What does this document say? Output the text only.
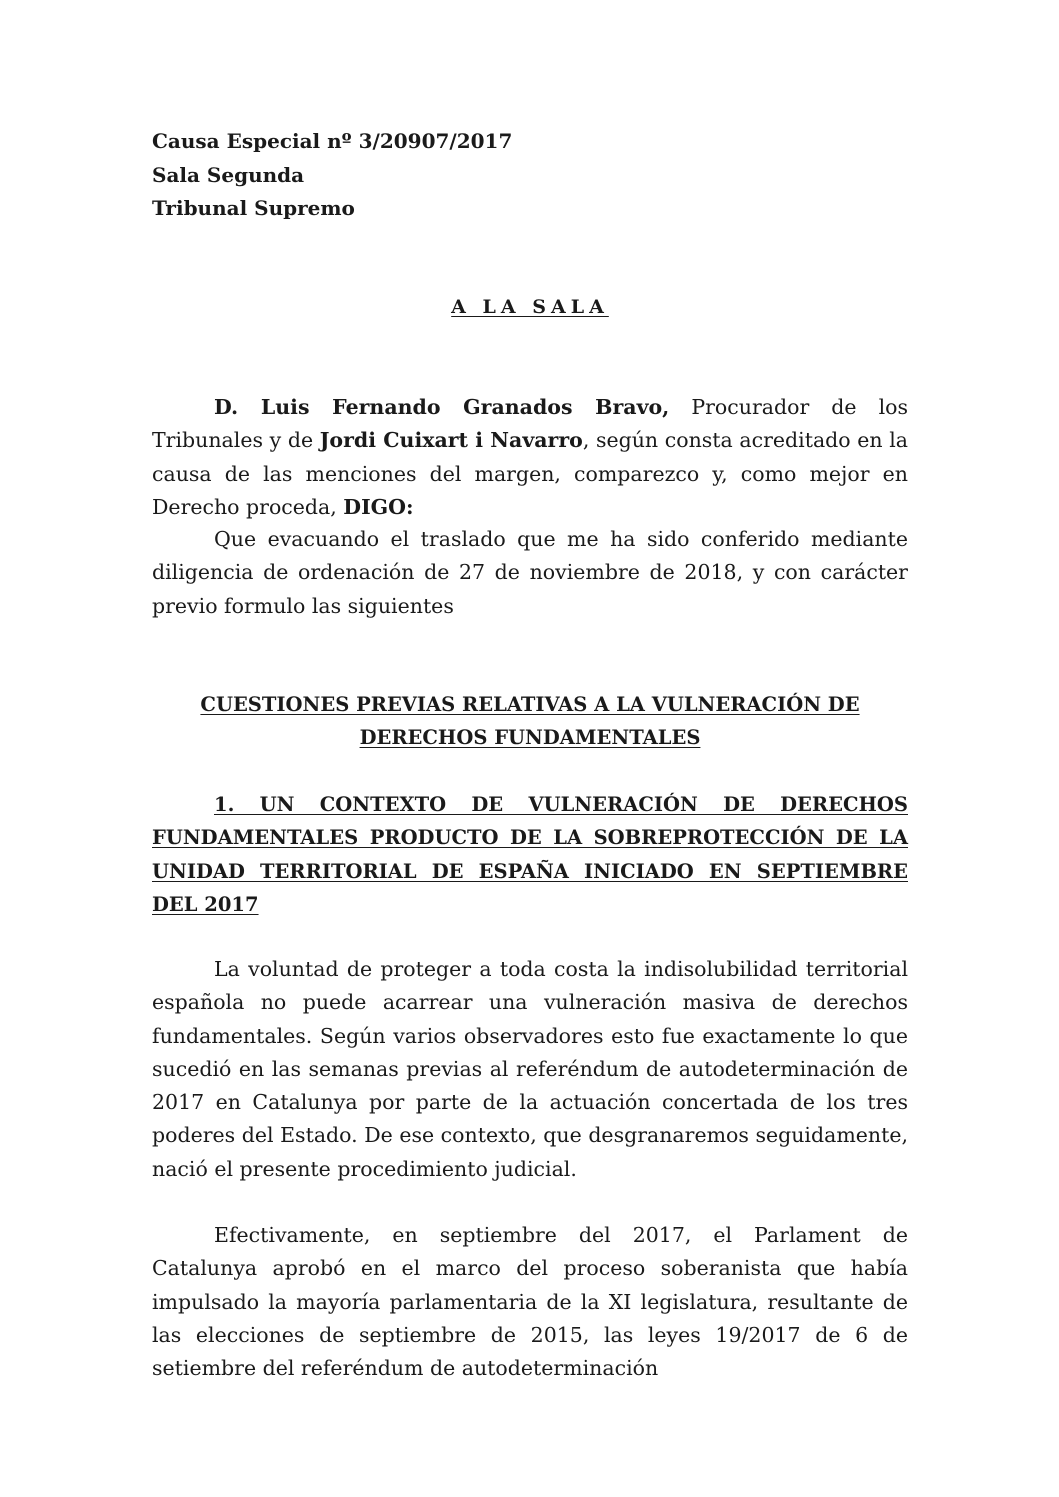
Causa Especial nº 3/20907/2017
Sala Segunda
Tribunal Supremo
A LA SALA

D. Luis Fernando Granados Bravo, Procurador de los Tribunales y de Jordi Cuixart i Navarro, según consta acreditado en la causa de las menciones del margen, comparezco y, como mejor en Derecho proceda, DIGO:

Que evacuando el traslado que me ha sido conferido mediante diligencia de ordenación de 27 de noviembre de 2018, y con carácter previo formulo las siguientes

CUESTIONES PREVIAS RELATIVAS A LA VULNERACIÓN DE
DERECHOS FUNDAMENTALES

1. UN CONTEXTO DE VULNERACIÓN DE DERECHOS FUNDAMENTALES PRODUCTO DE LA SOBREPROTECCIÓN DE LA UNIDAD TERRITORIAL DE ESPAÑA INICIADO EN SEPTIEMBRE DEL 2017

La voluntad de proteger a toda costa la indisolubilidad territorial española no puede acarrear una vulneración masiva de derechos fundamentales. Según varios observadores esto fue exactamente lo que sucedió en las semanas previas al referéndum de autodeterminación de 2017 en Catalunya por parte de la actuación concertada de los tres poderes del Estado. De ese contexto, que desgranaremos seguidamente, nació el presente procedimiento judicial.

Efectivamente, en septiembre del 2017, el Parlament de Catalunya aprobó en el marco del proceso soberanista que había impulsado la mayoría parlamentaria de la XI legislatura, resultante de las elecciones de septiembre de 2015, las leyes 19/2017 de 6 de setiembre del referéndum de autodeterminación
